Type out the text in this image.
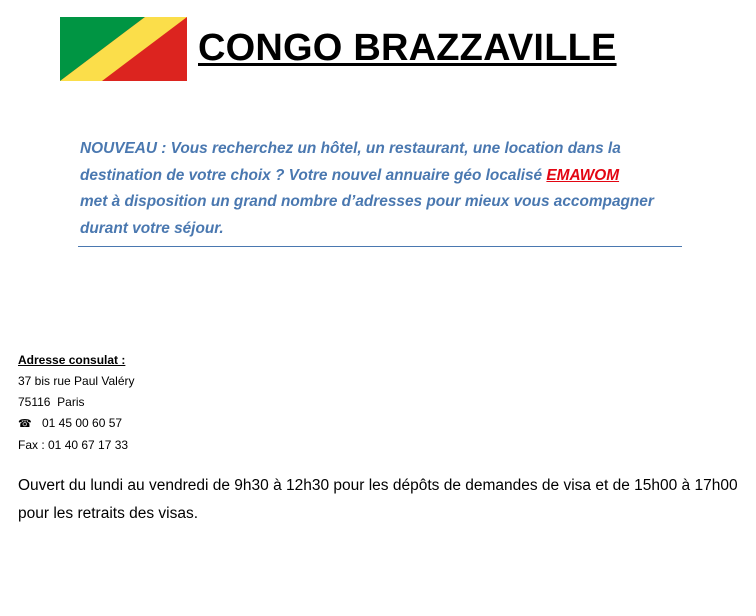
CONGO BRAZZAVILLE
NOUVEAU : Vous recherchez un hôtel, un restaurant, une location dans la
destination de votre choix ? Votre nouvel annuaire géo localisé EMAWOM
met à disposition un grand nombre d’adresses pour mieux vous accompagner
durant votre séjour.
Adresse consulat :
37 bis rue Paul Valéry
75116  Paris
☎ 01 45 00 60 57
Fax : 01 40 67 17 33
Ouvert du lundi au vendredi de 9h30 à 12h30 pour les dépôts de demandes de visa et de 15h00 à 17h00 pour les retraits des visas.
